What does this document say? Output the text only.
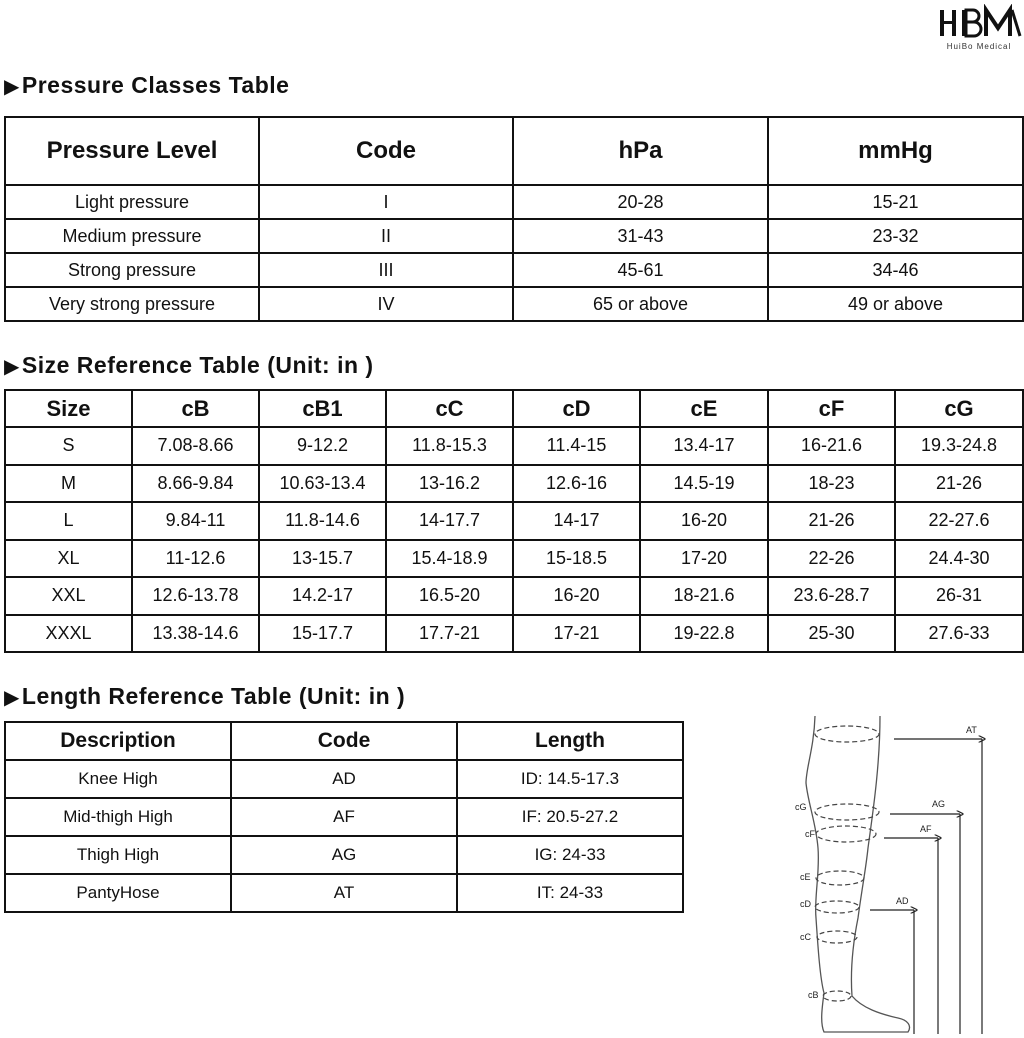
HuiBo Medical
▶Pressure Classes Table
Pressure Level	Code	hPa	mmHg
Light pressure	I	20-28	15-21
Medium pressure	II	31-43	23-32
Strong pressure	III	45-61	34-46
Very strong pressure	IV	65 or above	49 or above
▶Size Reference Table (Unit: in )
Size	cB	cB1	cC	cD	cE	cF	cG
S	7.08-8.66	9-12.2	11.8-15.3	11.4-15	13.4-17	16-21.6	19.3-24.8
M	8.66-9.84	10.63-13.4	13-16.2	12.6-16	14.5-19	18-23	21-26
L	9.84-11	11.8-14.6	14-17.7	14-17	16-20	21-26	22-27.6
XL	11-12.6	13-15.7	15.4-18.9	15-18.5	17-20	22-26	24.4-30
XXL	12.6-13.78	14.2-17	16.5-20	16-20	18-21.6	23.6-28.7	26-31
XXXL	13.38-14.6	15-17.7	17.7-21	17-21	19-22.8	25-30	27.6-33
▶Length Reference Table (Unit: in )
Description	Code	Length
Knee High	AD	ID: 14.5-17.3
Mid-thigh High	AF	IF: 20.5-27.2
Thigh High	AG	IG: 24-33
PantyHose	AT	IT: 24-33
cG
cF
cE
cD
cC
cB
AT
AG
AF
AD
